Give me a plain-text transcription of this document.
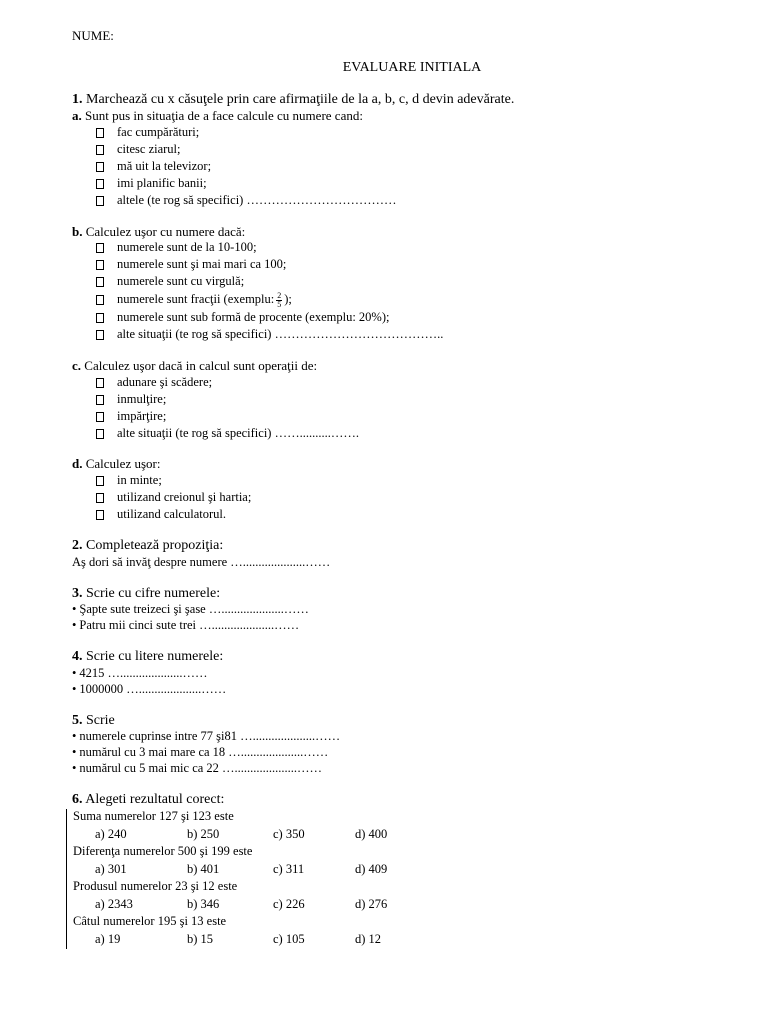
NUME:
EVALUARE INITIALA
1. Marchează cu x căsuţele prin care afirmaţiile de la a, b, c, d devin adevărate.
a. Sunt pus in situaţia de a face calcule cu numere cand:
fac cumpărături;
citesc ziarul;
mă uit la televizor;
imi planific banii;
altele (te rog să specifici) ………………………………
b. Calculez uşor cu numere dacă:
numerele sunt de la 10-100;
numerele sunt şi mai mari ca 100;
numerele sunt cu virgulă;
numerele sunt fracţii (exemplu: $\frac{2}{5}$ );
numerele sunt sub formă de procente (exemplu: 20%);
alte situaţii (te rog să specifici) …………………………………..
c. Calculez uşor dacă in calcul sunt operaţii de:
adunare şi scădere;
inmulţire;
impărţire;
alte situaţii (te rog să specifici) ……..........…….
d. Calculez uşor:
in minte;
utilizand creionul şi hartia;
utilizand calculatorul.
2. Completează propoziţia:
Aş dori să invăţ despre numere …....................……
3. Scrie cu cifre numerele:
• Şapte sute treizeci şi şase …....................……
• Patru mii cinci sute trei …....................……
4. Scrie cu litere numerele:
• 4215 …....................……
• 1000000 …....................……
5. Scrie
• numerele cuprinse intre 77 şi81 …....................……
• numărul cu 3 mai mare ca 18 …....................……
• numărul cu 5 mai mic ca 22 …....................……
6. Alegeti rezultatul corect:
Suma numerelor 127 şi 123 este
a) 240	b) 250	c) 350	d) 400
Diferenţa numerelor 500 şi 199 este
a) 301	b) 401	c) 311	d) 409
Produsul numerelor 23 şi 12 este
a) 2343	b) 346	c) 226	d) 276
Câtul numerelor 195 şi 13 este
a) 19	b) 15	c) 105	d) 12
